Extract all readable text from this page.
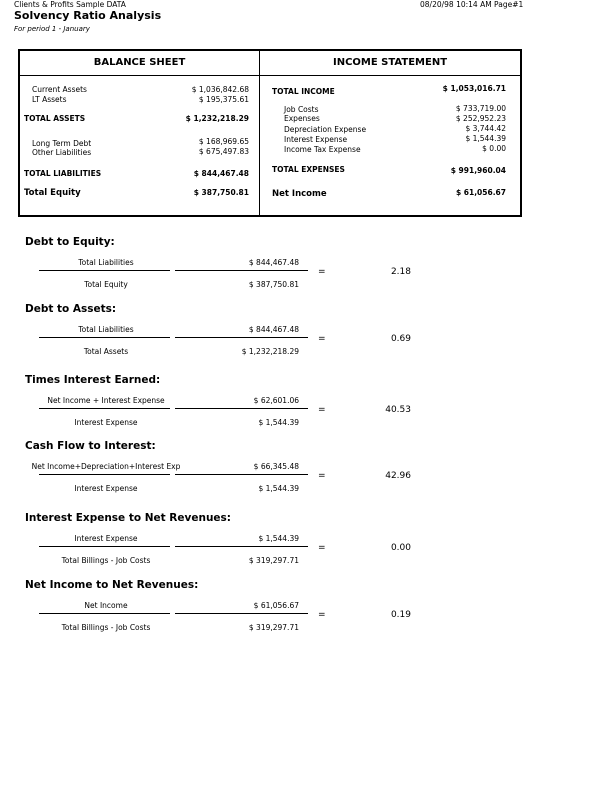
Clients & Profits Sample DATA
Solvency Ratio Analysis
For period 1 - January
08/20/98 10:14 AM Page#1
BALANCE SHEET
Current Assets	$ 1,036,842.68
LT Assets	$ 195,375.61
TOTAL ASSETS	$ 1,232,218.29
Long Term Debt	$ 168,969.65
Other Liabilities	$ 675,497.83
TOTAL LIABILITIES	$ 844,467.48
Total Equity	$ 387,750.81
INCOME STATEMENT
TOTAL INCOME	$ 1,053,016.71
Job Costs	$ 733,719.00
Expenses	$ 252,952.23
Depreciation Expense	$ 3,744.42
Interest Expense	$ 1,544.39
Income Tax Expense	$ 0.00
TOTAL EXPENSES	$ 991,960.04
Net Income	$ 61,056.67
Debt to Equity:
Total Liabilities	$ 844,467.48
Total Equity	$ 387,750.81
=	2.18
Debt to Assets:
Total Liabilities	$ 844,467.48
Total Assets	$ 1,232,218.29
=	0.69
Times Interest Earned:
Net Income + Interest Expense	$ 62,601.06
Interest Expense	$ 1,544.39
=	40.53
Cash Flow to Interest:
Net Income+Depreciation+Interest Exp	$ 66,345.48
Interest Expense	$ 1,544.39
=	42.96
Interest Expense to Net Revenues:
Interest Expense	$ 1,544.39
Total Billings - Job Costs	$ 319,297.71
=	0.00
Net Income to Net Revenues:
Net Income	$ 61,056.67
Total Billings - Job Costs	$ 319,297.71
=	0.19
